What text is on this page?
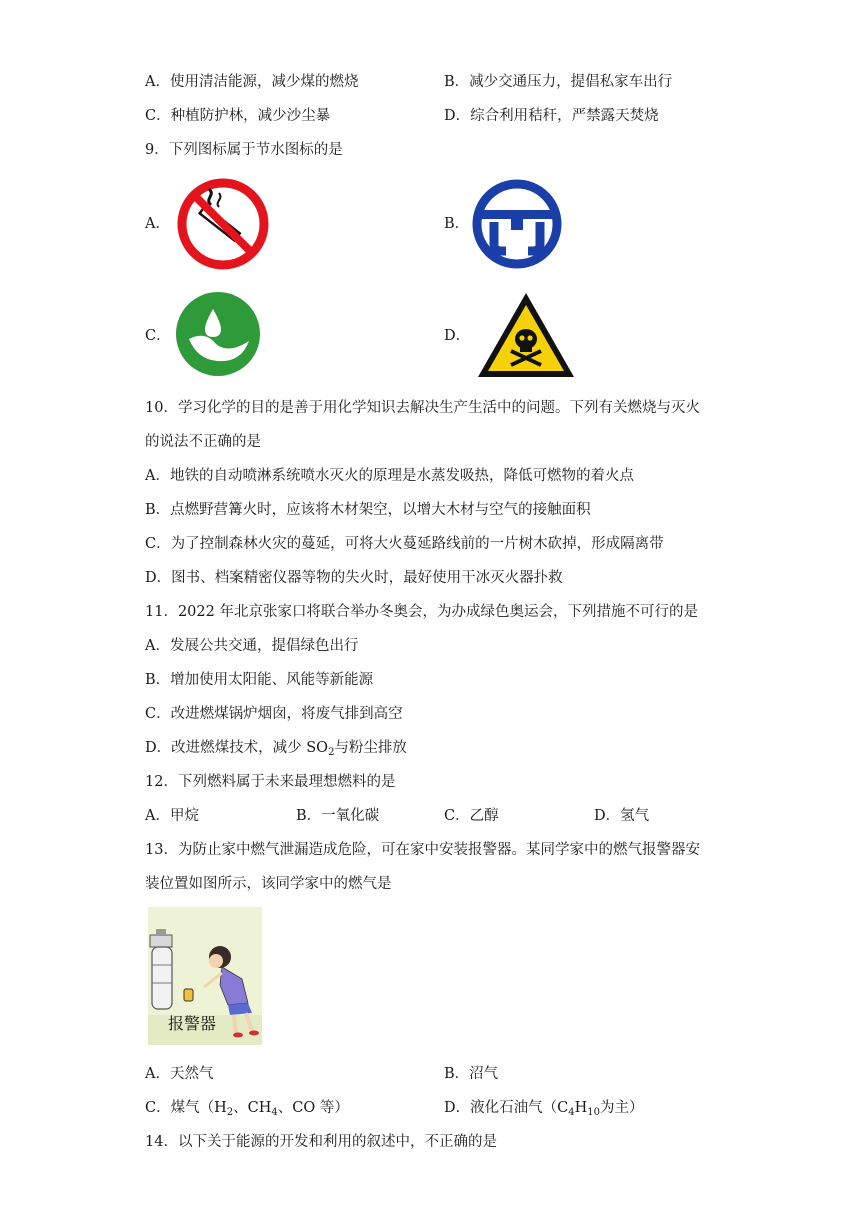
A．使用清洁能源，减少煤的燃烧	B．减少交通压力，提倡私家车出行
C．种植防护林，减少沙尘暴	D．综合利用秸秆，严禁露天焚烧
9．下列图标属于节水图标的是
A．	B．
C．	D．
10．学习化学的目的是善于用化学知识去解决生产生活中的问题。下列有关燃烧与灭火
的说法不正确的是
A．地铁的自动喷淋系统喷水灭火的原理是水蒸发吸热，降低可燃物的着火点
B．点燃野营篝火时，应该将木材架空，以增大木材与空气的接触面积
C．为了控制森林火灾的蔓延，可将大火蔓延路线前的一片树木砍掉，形成隔离带
D．图书、档案精密仪器等物的失火时，最好使用干冰灭火器扑救
11．2022 年北京张家口将联合举办冬奥会，为办成绿色奥运会，下列措施不可行的是
A．发展公共交通，提倡绿色出行
B．增加使用太阳能、风能等新能源
C．改进燃煤锅炉烟囱，将废气排到高空
D．改进燃煤技术，减少 $SO_2$与粉尘排放
12．下列燃料属于未来最理想燃料的是
A．甲烷	B．一氧化碳	C．乙醇	D．氢气
13．为防止家中燃气泄漏造成危险，可在家中安装报警器。某同学家中的燃气报警器安
装位置如图所示，该同学家中的燃气是
报警器
A．天然气	B．沼气
C．煤气（$H_2$、$CH_4$、CO 等）	D．液化石油气（$C_4H_{10}$为主）
14．以下关于能源的开发和利用的叙述中，不正确的是
